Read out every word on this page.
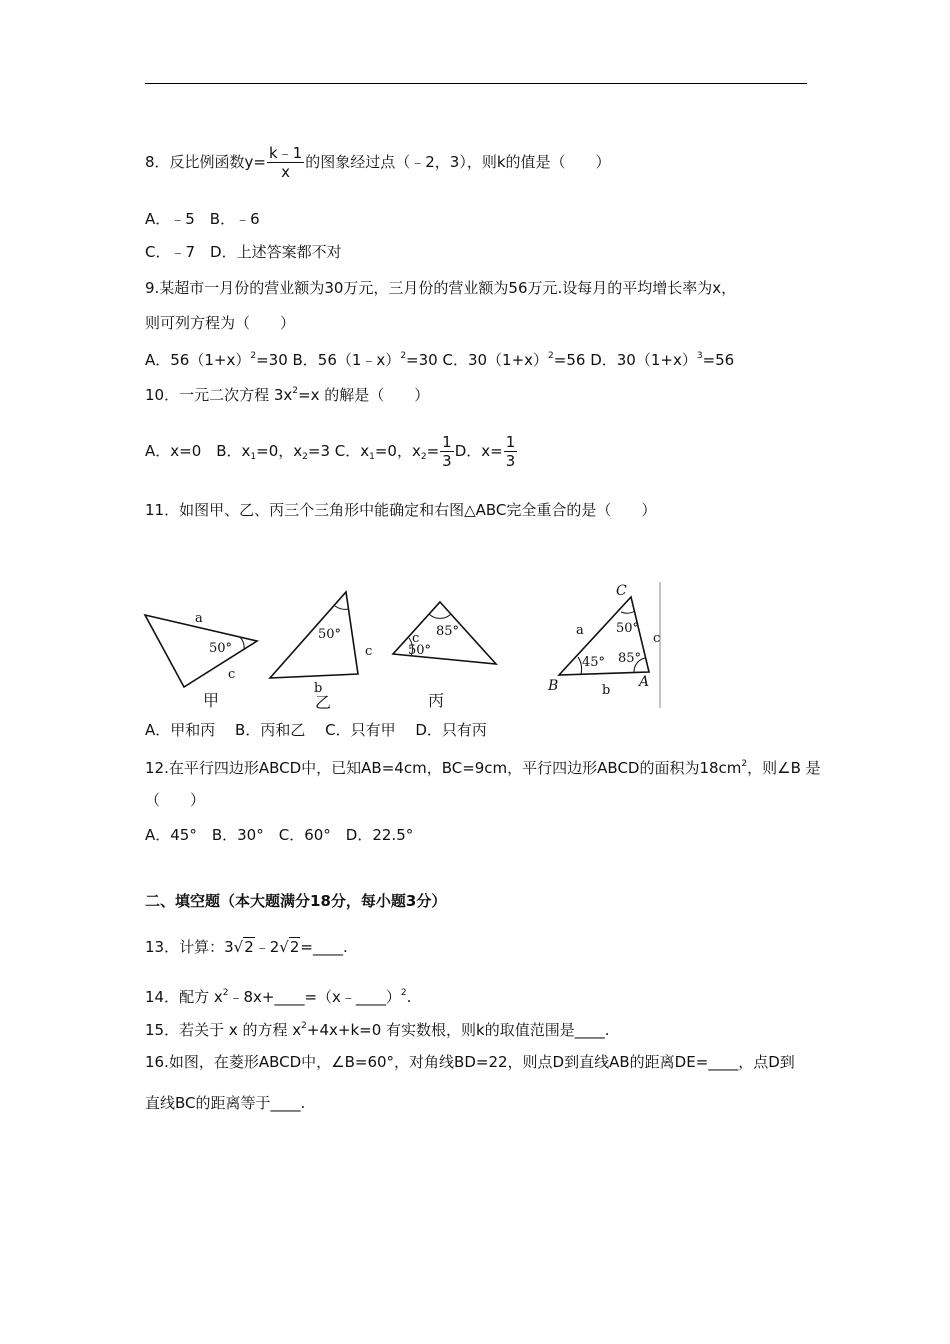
8．反比例函数$y= \frac{k﹣1}{x}$ 的图象经过点（﹣2，3），则k的值是（　　）
A．﹣5　B．﹣6
C．﹣7　D．上述答案都不对
9.某超市一月份的营业额为30万元，三月份的营业额为56万元.设每月的平均增长率为x，
则可列方程为（　　）
A．$56(1+x)^2=30$ B．56（1﹣x）$^2$=30 C．$30(1+x)^2=56$ D．$30(1+x)^3=56$
10．一元二次方程 $3x^2=x$ 的解是（　　）
A．x=0　B．$x_1=0$，$x_2=3$ C．$x_1=0$，$x_2= \frac{1}{3}$ D．$x= \frac{1}{3}$
11．如图甲、乙、丙三个三角形中能确定和右图△ABC完全重合的是（　　）
a
50°
c
甲
50°
c
b
乙
c 85°
50°
丙
C
a 50°
c
45° 85°
B	A
b
A．甲和丙　 B．丙和乙　 C．只有甲　 D．只有丙
12.在平行四边形ABCD中，已知AB=4cm，BC=9cm，平行四边形ABCD的面积为$18cm^2$，则∠B 是
（　　）
A．45°　B．30°　C．60°　D．22.5°
二、填空题（本大题满分18分，每小题3分）
13．计算：3√2﹣2√2=____.
14．配方 $x^2﹣8x+\_\_\_\_=(x﹣\_\_\_\_)^2$.
15．若关于 x 的方程 $x^2+4x+k=0$ 有实数根，则k的取值范围是____.
16.如图，在菱形ABCD中，∠B=60°，对角线BD=22，则点D到直线AB的距离DE=____，点D到
直线BC的距离等于____.
